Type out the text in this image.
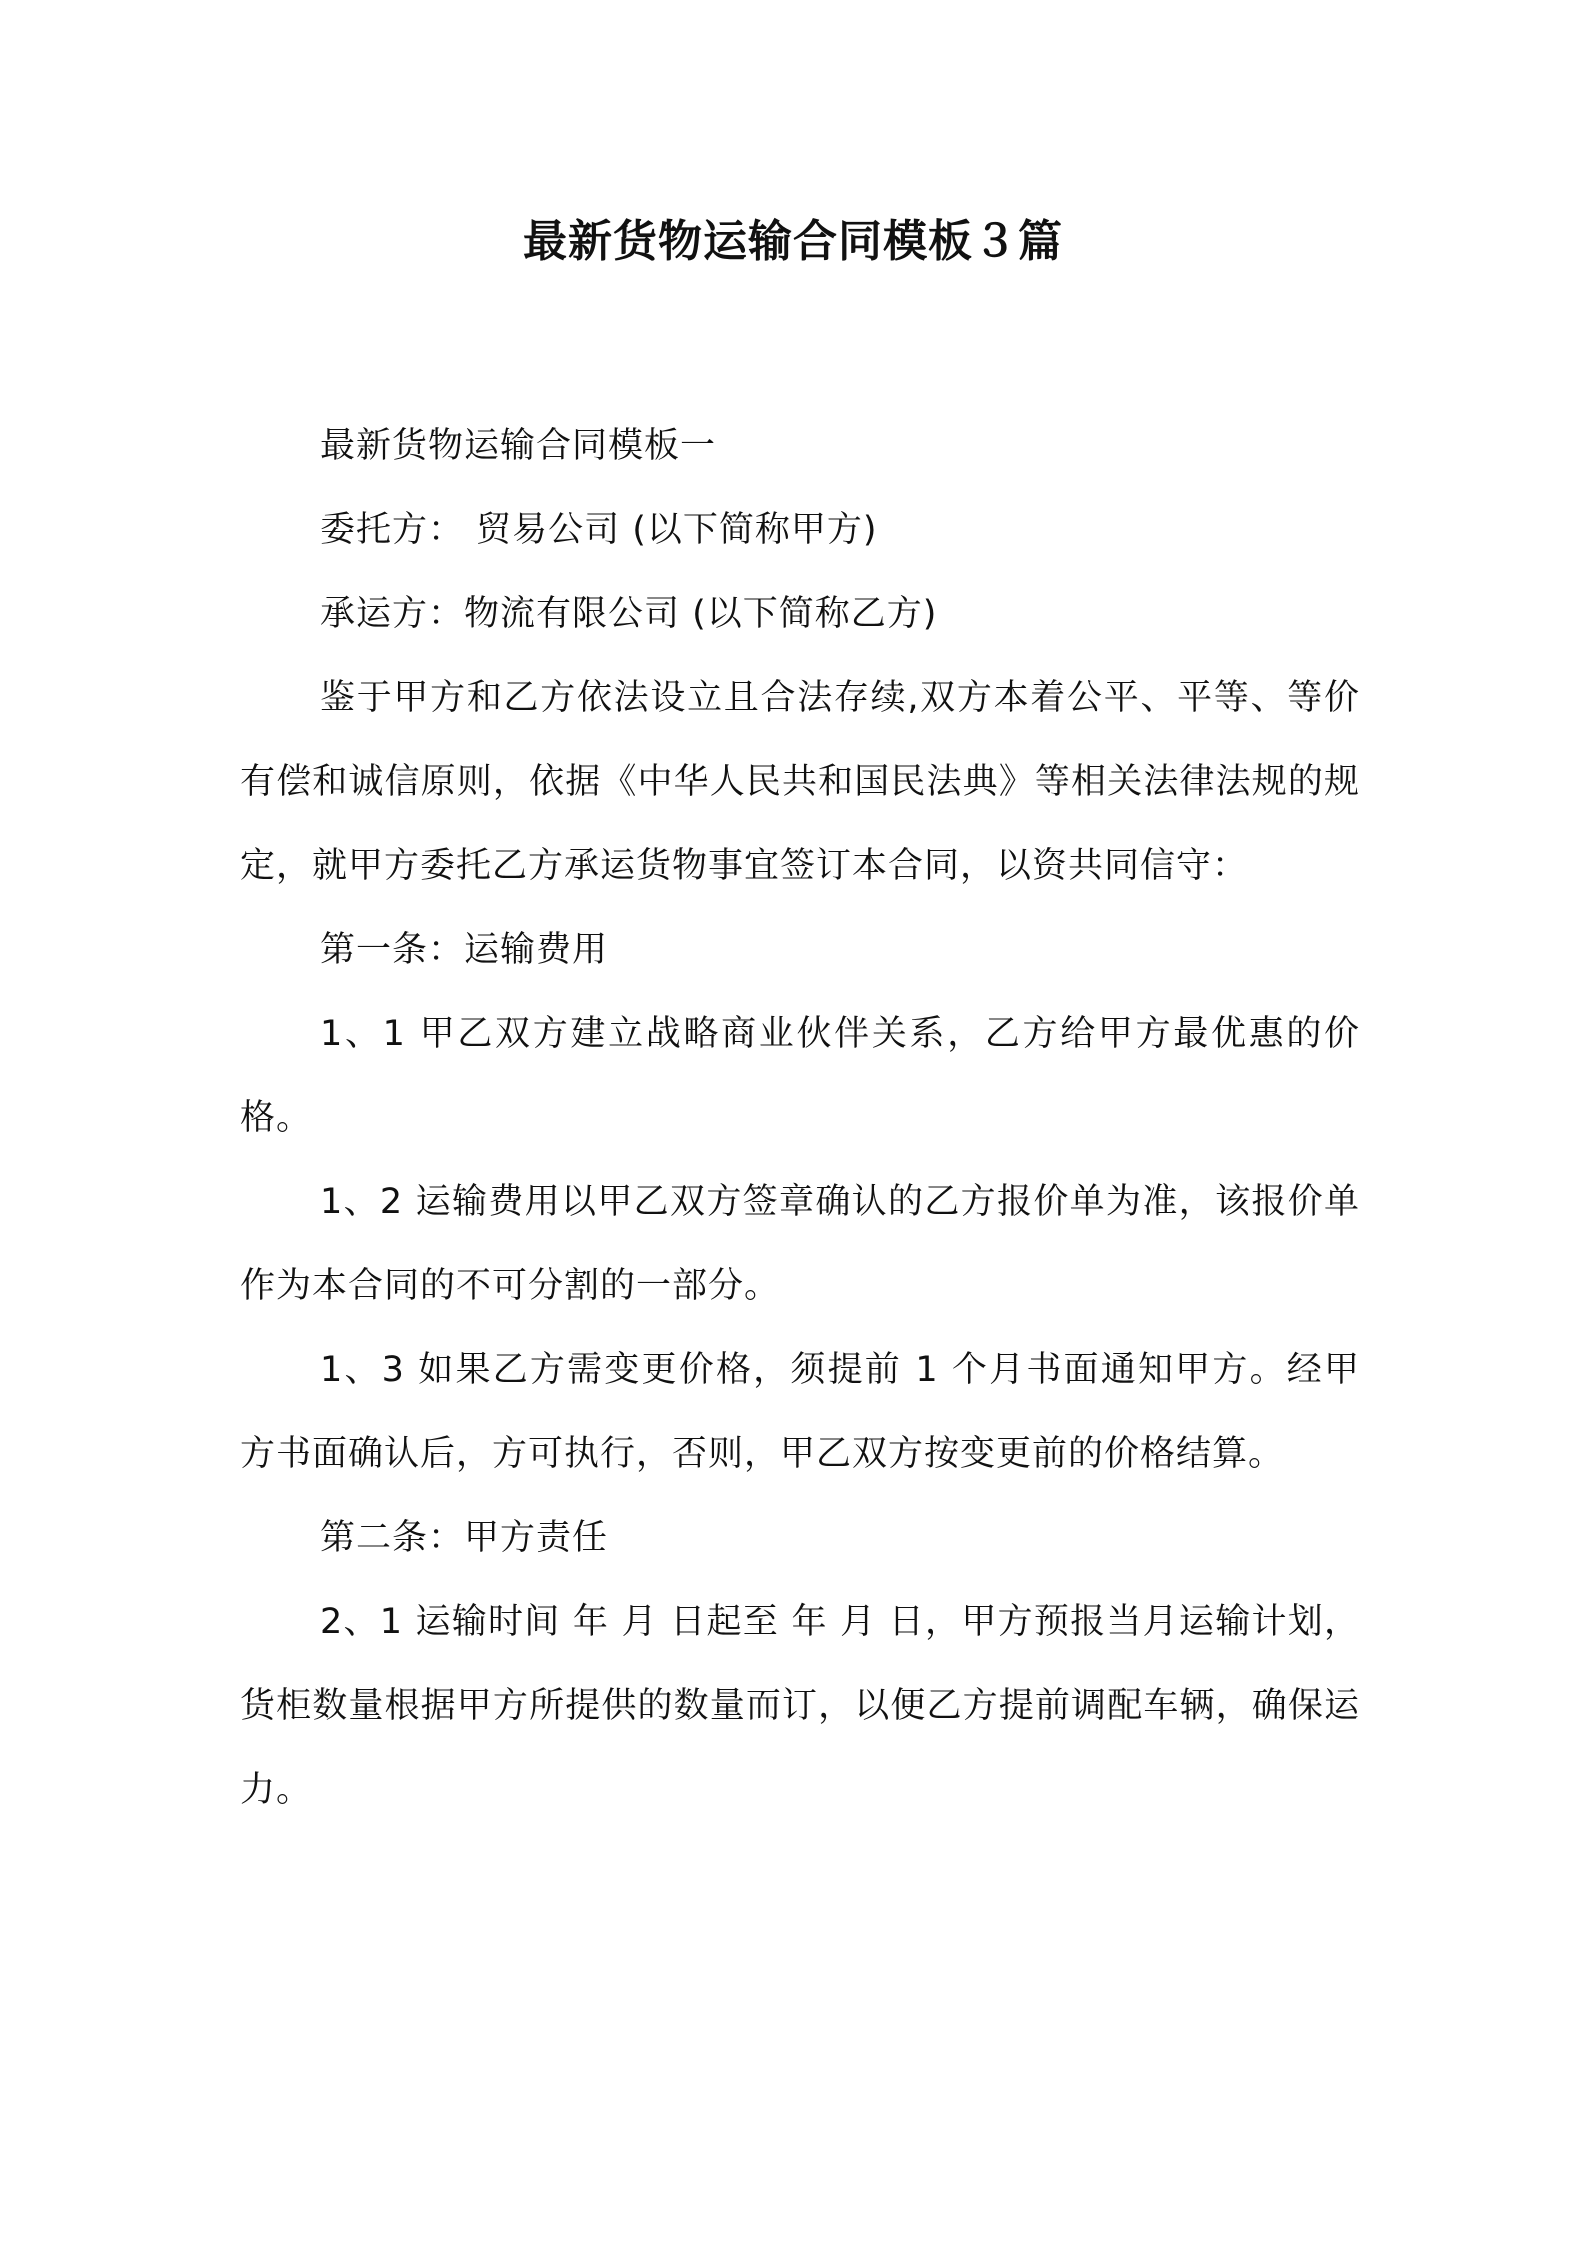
最新货物运输合同模板３篇

最新货物运输合同模板一

委托方： 贸易公司 (以下简称甲方)

承运方：物流有限公司 (以下简称乙方)

鉴于甲方和乙方依法设立且合法存续,双方本着公平、平等、等价有偿和诚信原则，依据《中华人民共和国民法典》等相关法律法规的规定，就甲方委托乙方承运货物事宜签订本合同，以资共同信守：

第一条：运输费用

1、1 甲乙双方建立战略商业伙伴关系，乙方给甲方最优惠的价格。

1、2 运输费用以甲乙双方签章确认的乙方报价单为准，该报价单作为本合同的不可分割的一部分。

1、3 如果乙方需变更价格，须提前 1 个月书面通知甲方。经甲方书面确认后，方可执行，否则，甲乙双方按变更前的价格结算。

第二条：甲方责任

2、1 运输时间 年 月 日起至 年 月 日，甲方预报当月运输计划，货柜数量根据甲方所提供的数量而订，以便乙方提前调配车辆，确保运力。
